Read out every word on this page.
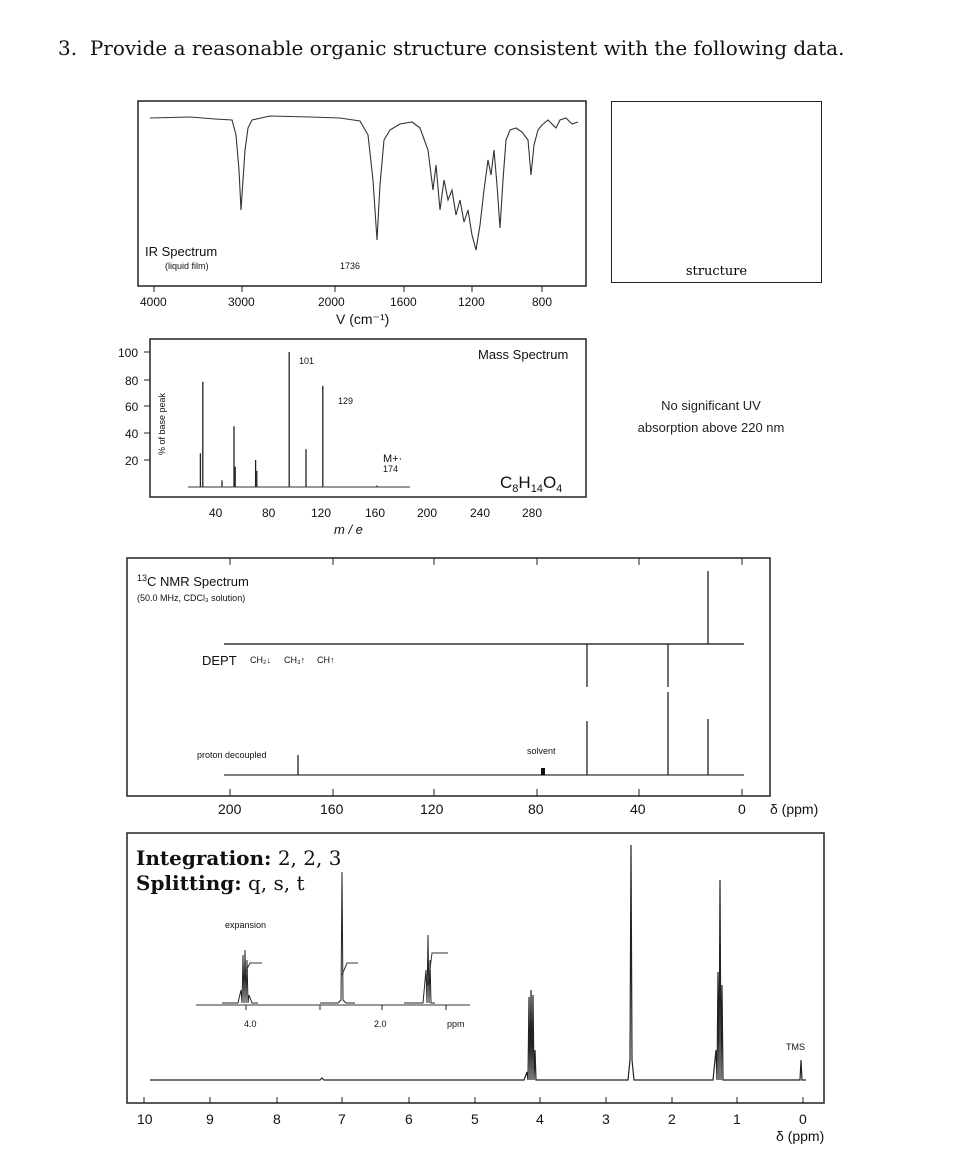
3. Provide a reasonable organic structure consistent with the following data.
structure
No significant UV
absorption above 220 nm
IR Spectrum
(liquid film)	1736
4000	3000	2000	1600	1200	800
V (cm⁻¹)
Mass Spectrum
$C_8H_{14}O_4$
% of base peak
101
129
M+·
174
100
80
60
40
20
40	80	120	160	200	240	280
m / e
$^{13}$C NMR Spectrum
(50.0 MHz, CDCl₃ solution)
DEPT CH₂↓ CH₃↑ CH↑
proton decoupled	solvent
200	160	120	80	40	0 δ (ppm)
expansion
4.0	2.0	ppm
TMS
10	9	8	7	6	5	4	3	2	1	0
δ (ppm)
Integration: 2, 2, 3
Splitting: q, s, t
